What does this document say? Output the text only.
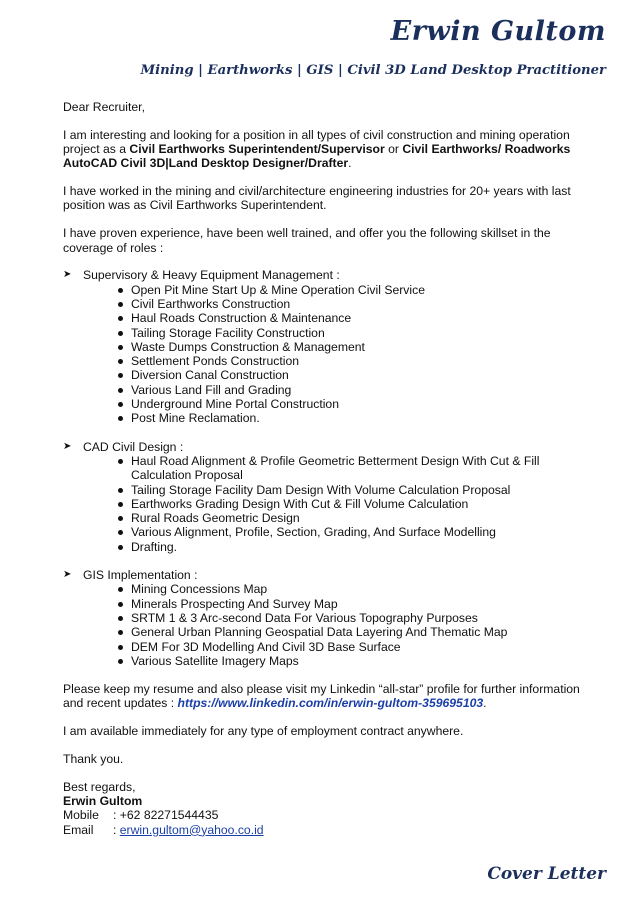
Erwin Gultom
Mining | Earthworks | GIS | Civil 3D Land Desktop Practitioner

Dear Recruiter,

I am interesting and looking for a position in all types of civil construction and mining operation project as a Civil Earthworks Superintendent/Supervisor or Civil Earthworks/ Roadworks AutoCAD Civil 3D|Land Desktop Designer/Drafter.

I have worked in the mining and civil/architecture engineering industries for 20+ years with last position was as Civil Earthworks Superintendent.

I have proven experience, have been well trained, and offer you the following skillset in the coverage of roles :

➤ Supervisory & Heavy Equipment Management :
Open Pit Mine Start Up & Mine Operation Civil Service
Civil Earthworks Construction
Haul Roads Construction & Maintenance
Tailing Storage Facility Construction
Waste Dumps Construction & Management
Settlement Ponds Construction
Diversion Canal Construction
Various Land Fill and Grading
Underground Mine Portal Construction
Post Mine Reclamation.
➤ CAD Civil Design :
Haul Road Alignment & Profile Geometric Betterment Design With Cut & Fill Calculation Proposal
Tailing Storage Facility Dam Design With Volume Calculation Proposal
Earthworks Grading Design With Cut & Fill Volume Calculation
Rural Roads Geometric Design
Various Alignment, Profile, Section, Grading, And Surface Modelling
Drafting.
➤ GIS Implementation :
Mining Concessions Map
Minerals Prospecting And Survey Map
SRTM 1 & 3 Arc-second Data For Various Topography Purposes
General Urban Planning Geospatial Data Layering And Thematic Map
DEM For 3D Modelling And Civil 3D Base Surface
Various Satellite Imagery Maps

Please keep my resume and also please visit my Linkedin “all-star” profile for further information and recent updates : https://www.linkedin.com/in/erwin-gultom-359695103.

I am available immediately for any type of employment contract anywhere.

Thank you.

Best regards,

Erwin Gultom

Mobile	: +62 82271544435
Email	: erwin.gultom@yahoo.co.id
Cover Letter
